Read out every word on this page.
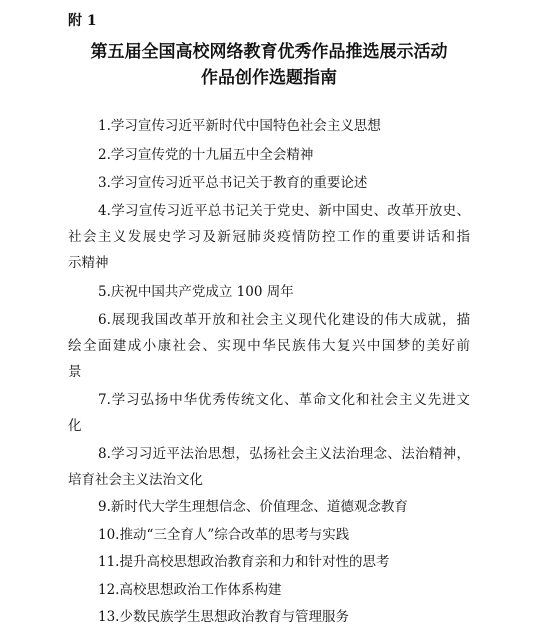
附 1
第五届全国高校网络教育优秀作品推选展示活动
作品创作选题指南
1.学习宣传习近平新时代中国特色社会主义思想
2.学习宣传党的十九届五中全会精神
3.学习宣传习近平总书记关于教育的重要论述
4.学习宣传习近平总书记关于党史、新中国史、改革开放史、
社会主义发展史学习及新冠肺炎疫情防控工作的重要讲话和指
示精神
5.庆祝中国共产党成立 100 周年
6.展现我国改革开放和社会主义现代化建设的伟大成就，描
绘全面建成小康社会、实现中华民族伟大复兴中国梦的美好前
景
7.学习弘扬中华优秀传统文化、革命文化和社会主义先进文
化
8.学习习近平法治思想，弘扬社会主义法治理念、法治精神，
培育社会主义法治文化
9.新时代大学生理想信念、价值理念、道德观念教育
10.推动“三全育人”综合改革的思考与实践
11.提升高校思想政治教育亲和力和针对性的思考
12.高校思想政治工作体系构建
13.少数民族学生思想政治教育与管理服务
